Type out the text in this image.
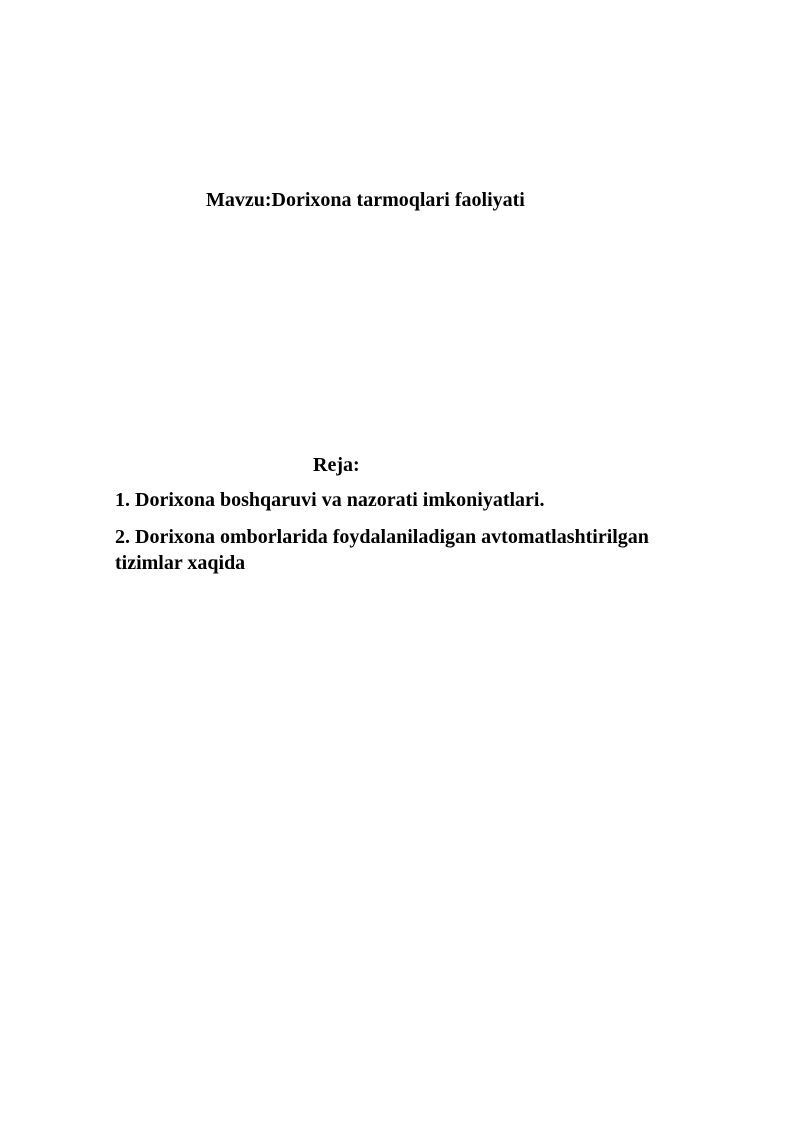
Mavzu:Dorixona tarmoqlari faoliyati
Reja:
1. Dorixona boshqaruvi va nazorati imkoniyatlari.
2. Dorixona omborlarida foydalaniladigan avtomatlashtirilgan tizimlar xaqida
